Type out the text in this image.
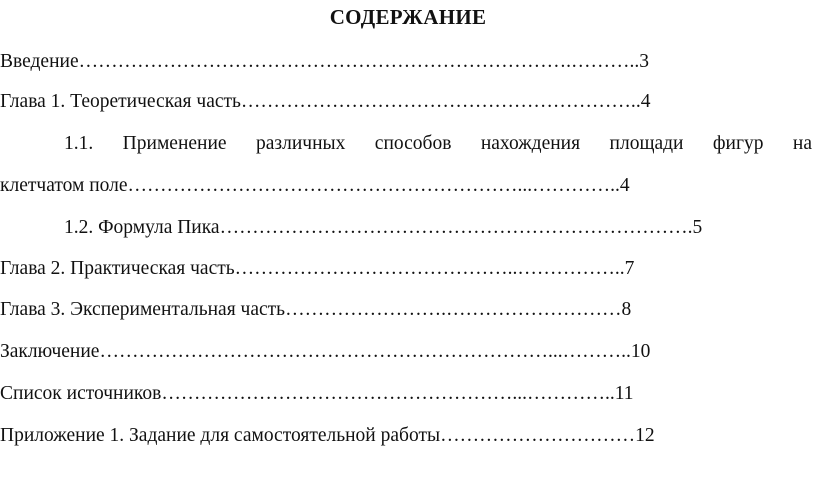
СОДЕРЖАНИЕ
Введение………………………………………………………………….………..3
Глава 1. Теоретическая часть……………………………………………………..4
1.1. Применение различных способов нахождения площади фигур на
клетчатом поле……………………………………………………...…………..4
1.2. Формула Пика……………………………………………………………….5
Глава 2. Практическая часть……………………………………..……………..7
Глава 3. Экспериментальная часть…………………….………………………8
Заключение……………………………………………………………...………..10
Список источников………………………………………………...…………..11
Приложение 1. Задание для самостоятельной работы…………………………12
